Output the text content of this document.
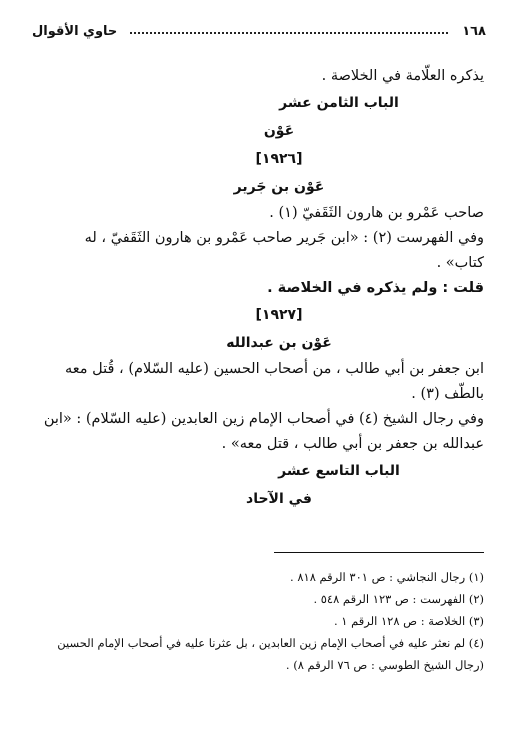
١٦٨
حاوي الأقوال
يذكره العلّامة في الخلاصة .
الباب الثامن عشر
عَوْن
[١٩٢٦]
عَوْن بن جَرير
صاحب عَمْرو بن هارون الثَقَفيّ (١) .
وفي الفهرست (٢) : «ابن جَرير صاحب عَمْرو بن هارون الثَقَفيّ ، له
كتاب» .
قلت : ولم يذكره في الخلاصة .
[١٩٢٧]
عَوْن بن عبدالله
ابن جعفر بن أبي طالب ، من أصحاب الحسين (عليه السّلام) ، قُتل معه
بالطّف (٣) .
وفي رجال الشيخ (٤) في أصحاب الإمام زين العابدين (عليه السّلام) : «ابن
عبدالله بن جعفر بن أبي طالب ، قتل معه» .
الباب التاسع عشر
في الآحاد
(١) رجال النجاشي : ص ٣٠١ الرقم ٨١٨ .
(٢) الفهرست : ص ١٢٣ الرقم ٥٤٨ .
(٣) الخلاصة : ص ١٢٨ الرقم ١ .
(٤) لم نعثر عليه في أصحاب الإمام زين العابدين ، بل عثرنا عليه في أصحاب الإمام الحسين
(رجال الشيخ الطوسي : ص ٧٦ الرقم ٨) .
